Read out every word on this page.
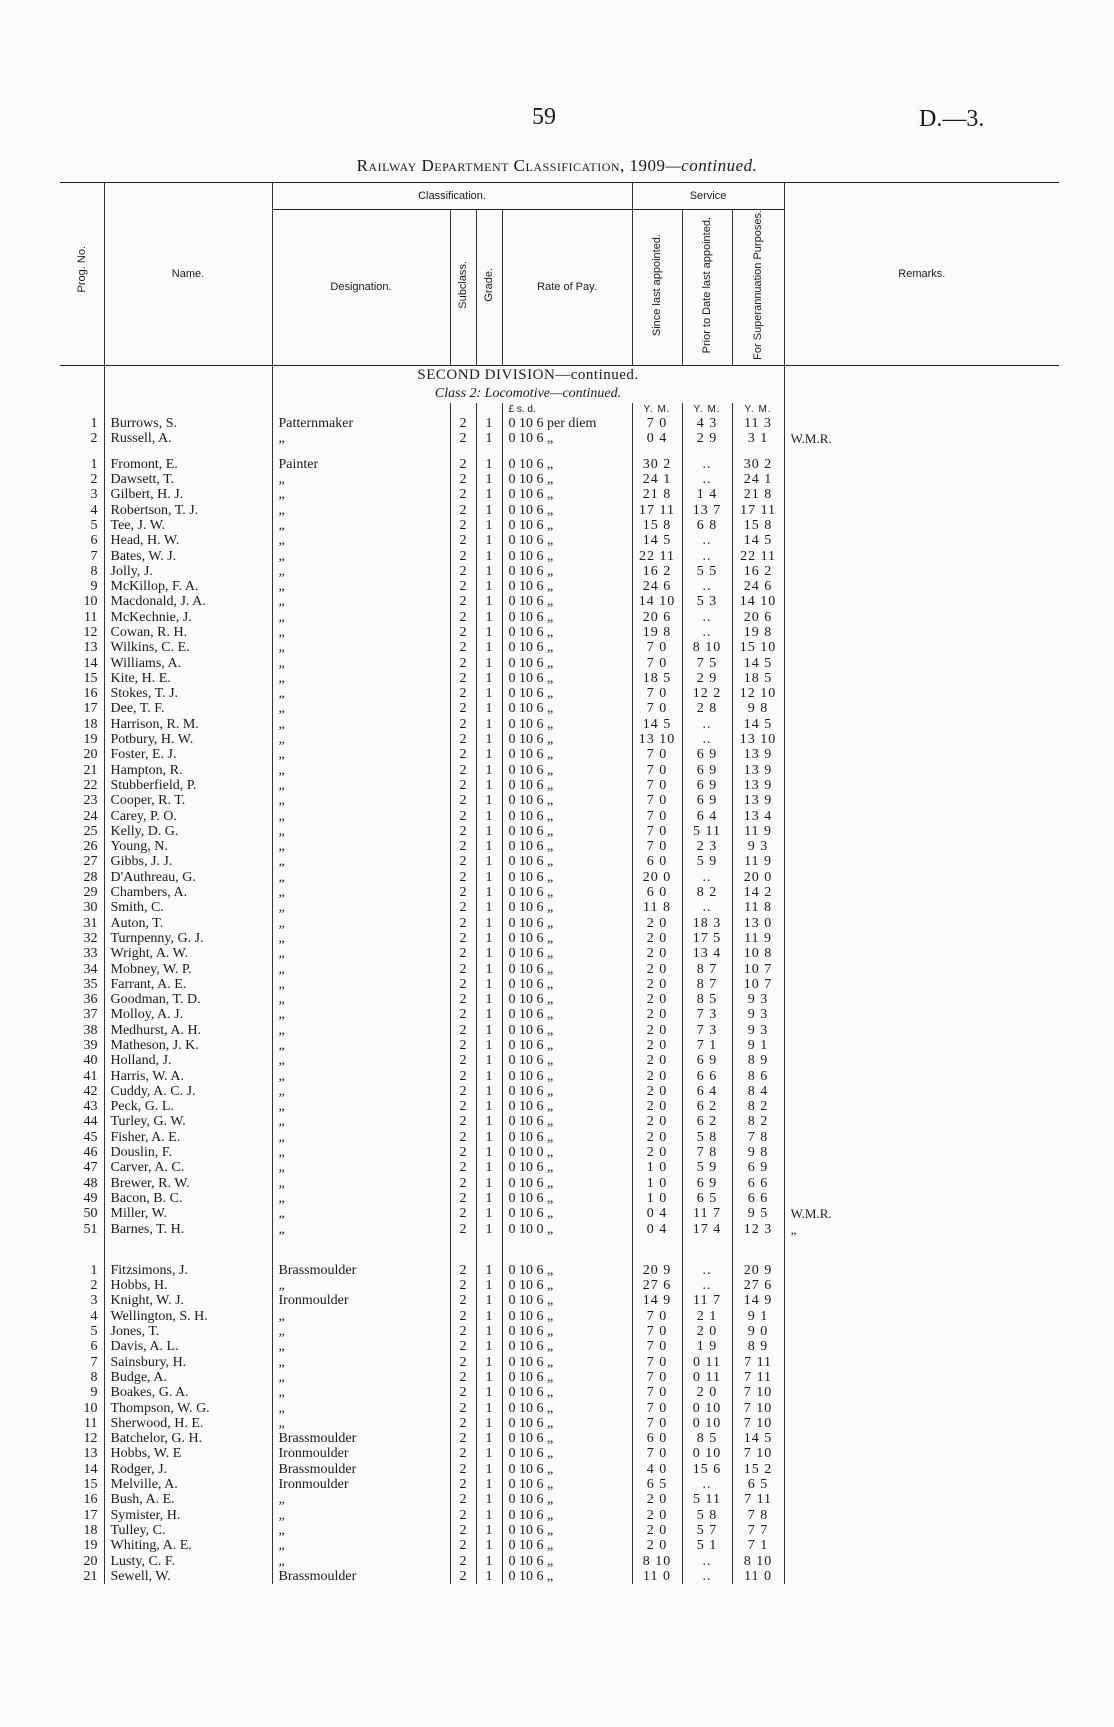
59	D.—3.
Railway Department Classification, 1909—continued.
Prog. No.	Name.	Classification.				Service			Remarks.
		Designation.	Subclass.	Grade.	Rate of Pay.	Since last appointed.	Prior to Date last appointed.	For Superannuation Purposes.	
		SECOND DIVISION—continued.							
		Class 2: Locomotive—continued.							
					£ s. d.	Y. M.	Y. M.	Y. M.	
1	Burrows, S.	Patternmaker	2	1	0 10 6 per diem	7 0	4 3	11 3	
2	Russell, A.	„	2	1	0 10 6 „	0 4	2 9	3 1	W.M.R.

1	Fromont, E.	Painter	2	1	0 10 6 „	30 2	..	30 2	
2	Dawsett, T.	„	2	1	0 10 6 „	24 1	..	24 1	
3	Gilbert, H. J.	„	2	1	0 10 6 „	21 8	1 4	21 8	
4	Robertson, T. J.	„	2	1	0 10 6 „	17 11	13 7	17 11	
5	Tee, J. W.	„	2	1	0 10 6 „	15 8	6 8	15 8	
6	Head, H. W.	„	2	1	0 10 6 „	14 5	..	14 5	
7	Bates, W. J.	„	2	1	0 10 6 „	22 11	..	22 11	
8	Jolly, J.	„	2	1	0 10 6 „	16 2	5 5	16 2	
9	McKillop, F. A.	„	2	1	0 10 6 „	24 6	..	24 6	
10	Macdonald, J. A.	„	2	1	0 10 6 „	14 10	5 3	14 10	
11	McKechnie, J.	„	2	1	0 10 6 „	20 6	..	20 6	
12	Cowan, R. H.	„	2	1	0 10 6 „	19 8	..	19 8	
13	Wilkins, C. E.	„	2	1	0 10 6 „	7 0	8 10	15 10	
14	Williams, A.	„	2	1	0 10 6 „	7 0	7 5	14 5	
15	Kite, H. E.	„	2	1	0 10 6 „	18 5	2 9	18 5	
16	Stokes, T. J.	„	2	1	0 10 6 „	7 0	12 2	12 10	
17	Dee, T. F.	„	2	1	0 10 6 „	7 0	2 8	9 8	
18	Harrison, R. M.	„	2	1	0 10 6 „	14 5	..	14 5	
19	Potbury, H. W.	„	2	1	0 10 6 „	13 10	..	13 10	
20	Foster, E. J.	„	2	1	0 10 6 „	7 0	6 9	13 9	
21	Hampton, R.	„	2	1	0 10 6 „	7 0	6 9	13 9	
22	Stubberfield, P.	„	2	1	0 10 6 „	7 0	6 9	13 9	
23	Cooper, R. T.	„	2	1	0 10 6 „	7 0	6 9	13 9	
24	Carey, P. O.	„	2	1	0 10 6 „	7 0	6 4	13 4	
25	Kelly, D. G.	„	2	1	0 10 6 „	7 0	5 11	11 9	
26	Young, N.	„	2	1	0 10 6 „	7 0	2 3	9 3	
27	Gibbs, J. J.	„	2	1	0 10 6 „	6 0	5 9	11 9	
28	D'Authreau, G.	„	2	1	0 10 6 „	20 0	..	20 0	
29	Chambers, A.	„	2	1	0 10 6 „	6 0	8 2	14 2	
30	Smith, C.	„	2	1	0 10 6 „	11 8	..	11 8	
31	Auton, T.	„	2	1	0 10 6 „	2 0	18 3	13 0	
32	Turnpenny, G. J.	„	2	1	0 10 6 „	2 0	17 5	11 9	
33	Wright, A. W.	„	2	1	0 10 6 „	2 0	13 4	10 8	
34	Mobney, W. P.	„	2	1	0 10 6 „	2 0	8 7	10 7	
35	Farrant, A. E.	„	2	1	0 10 6 „	2 0	8 7	10 7	
36	Goodman, T. D.	„	2	1	0 10 6 „	2 0	8 5	9 3	
37	Molloy, A. J.	„	2	1	0 10 6 „	2 0	7 3	9 3	
38	Medhurst, A. H.	„	2	1	0 10 6 „	2 0	7 3	9 3	
39	Matheson, J. K.	„	2	1	0 10 6 „	2 0	7 1	9 1	
40	Holland, J.	„	2	1	0 10 6 „	2 0	6 9	8 9	
41	Harris, W. A.	„	2	1	0 10 6 „	2 0	6 6	8 6	
42	Cuddy, A. C. J.	„	2	1	0 10 6 „	2 0	6 4	8 4	
43	Peck, G. L.	„	2	1	0 10 6 „	2 0	6 2	8 2	
44	Turley, G. W.	„	2	1	0 10 6 „	2 0	6 2	8 2	
45	Fisher, A. E.	„	2	1	0 10 6 „	2 0	5 8	7 8	
46	Douslin, F.	„	2	1	0 10 0 „	2 0	7 8	9 8	
47	Carver, A. C.	„	2	1	0 10 6 „	1 0	5 9	6 9	
48	Brewer, R. W.	„	2	1	0 10 6 „	1 0	6 9	6 6	
49	Bacon, B. C.	„	2	1	0 10 6 „	1 0	6 5	6 6	
50	Miller, W.	„	2	1	0 10 6 „	0 4	11 7	9 5	W.M.R.
51	Barnes, T. H.	„	2	1	0 10 0 „	0 4	17 4	12 3	„

1	Fitzsimons, J.	Brassmoulder	2	1	0 10 6 „	20 9	..	20 9	
2	Hobbs, H.	„	2	1	0 10 6 „	27 6	..	27 6	
3	Knight, W. J.	Ironmoulder	2	1	0 10 6 „	14 9	11 7	14 9	
4	Wellington, S. H.	„	2	1	0 10 6 „	7 0	2 1	9 1	
5	Jones, T.	„	2	1	0 10 6 „	7 0	2 0	9 0	
6	Davis, A. L.	„	2	1	0 10 6 „	7 0	1 9	8 9	
7	Sainsbury, H.	„	2	1	0 10 6 „	7 0	0 11	7 11	
8	Budge, A.	„	2	1	0 10 6 „	7 0	0 11	7 11	
9	Boakes, G. A.	„	2	1	0 10 6 „	7 0	2 0	7 10	
10	Thompson, W. G.	„	2	1	0 10 6 „	7 0	0 10	7 10	
11	Sherwood, H. E.	„	2	1	0 10 6 „	7 0	0 10	7 10	
12	Batchelor, G. H.	Brassmoulder	2	1	0 10 6 „	6 0	8 5	14 5	
13	Hobbs, W. E	Ironmoulder	2	1	0 10 6 „	7 0	0 10	7 10	
14	Rodger, J.	Brassmoulder	2	1	0 10 6 „	4 0	15 6	15 2	
15	Melville, A.	Ironmoulder	2	1	0 10 6 „	6 5	..	6 5	
16	Bush, A. E.	„	2	1	0 10 6 „	2 0	5 11	7 11	
17	Symister, H.	„	2	1	0 10 6 „	2 0	5 8	7 8	
18	Tulley, C.	„	2	1	0 10 6 „	2 0	5 7	7 7	
19	Whiting, A. E.	„	2	1	0 10 6 „	2 0	5 1	7 1	
20	Lusty, C. F.	„	2	1	0 10 6 „	8 10	..	8 10	
21	Sewell, W.	Brassmoulder	2	1	0 10 6 „	11 0	..	11 0	
